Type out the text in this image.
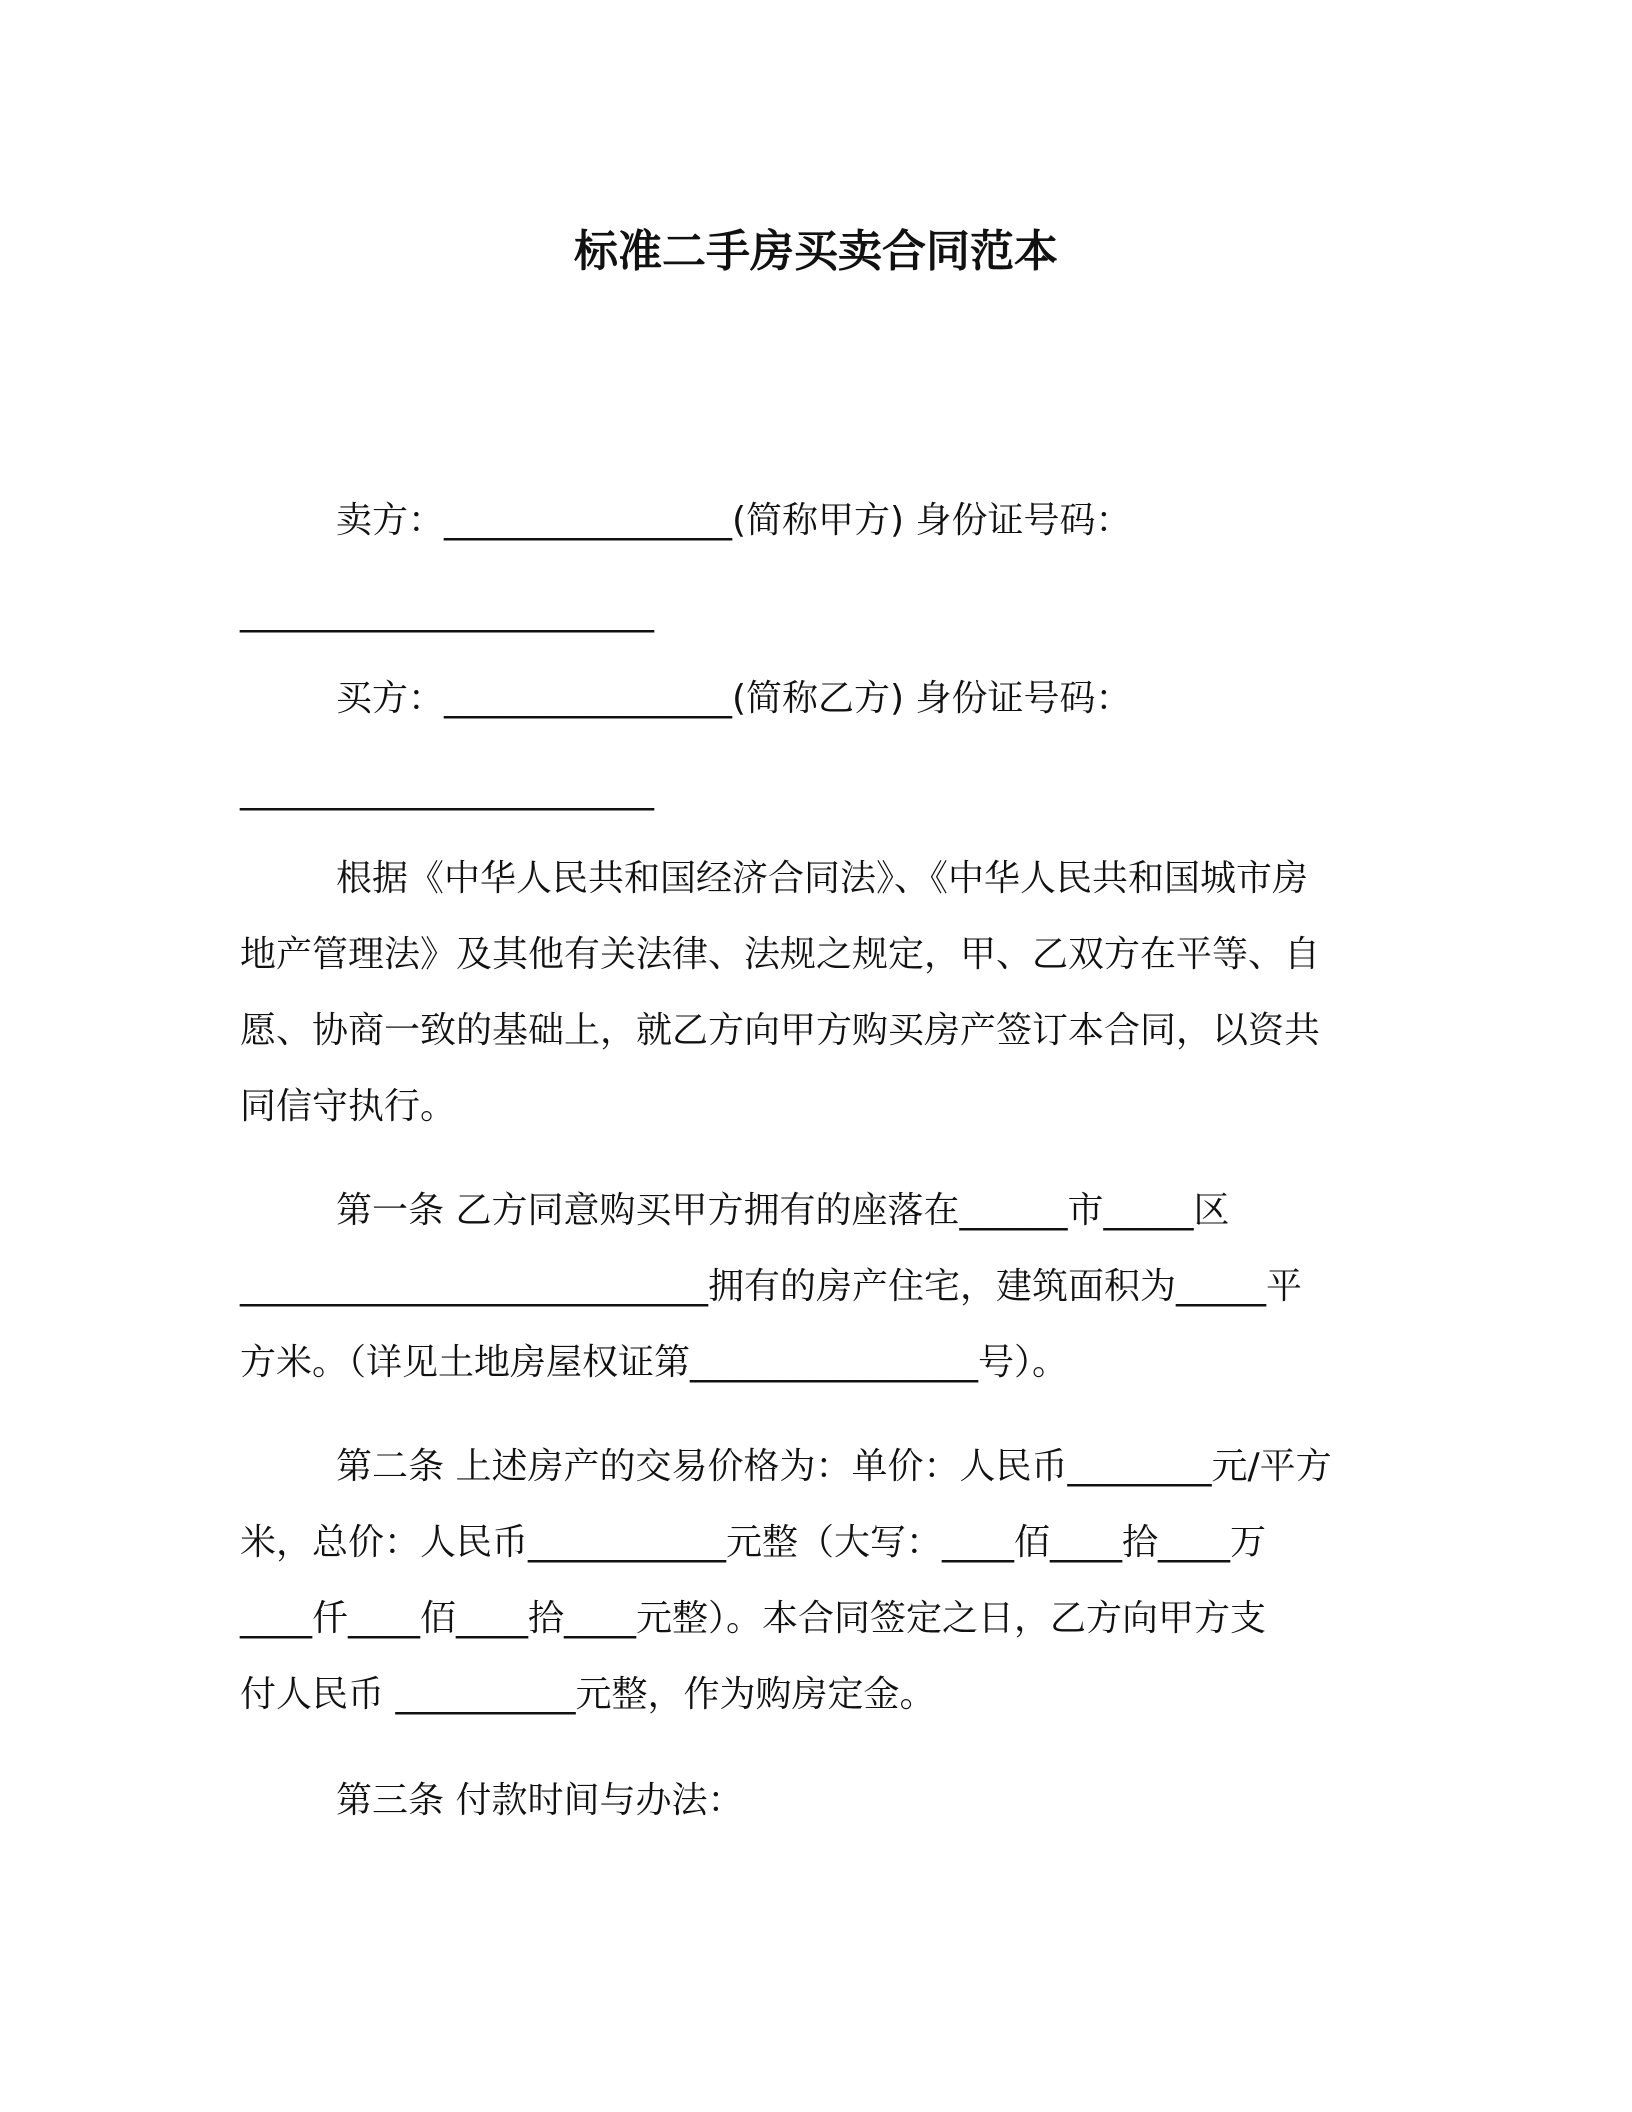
标准二手房买卖合同范本
卖方：________________(简称甲方) 身份证号码：
_______________________
买方：________________(简称乙方) 身份证号码：
_______________________
根据《中华人民共和国经济合同法》、《中华人民共和国城市房
地产管理法》及其他有关法律、法规之规定，甲、乙双方在平等、自
愿、协商一致的基础上，就乙方向甲方购买房产签订本合同，以资共
同信守执行。
第一条 乙方同意购买甲方拥有的座落在______市_____区
__________________________拥有的房产住宅，建筑面积为_____平
方米。（详见土地房屋权证第________________号）。
第二条 上述房产的交易价格为：单价：人民币________元/平方
米，总价：人民币___________元整（大写：____佰____拾____万
____仟____佰____拾____元整）。本合同签定之日，乙方向甲方支
付人民币 __________元整，作为购房定金。
第三条 付款时间与办法：
